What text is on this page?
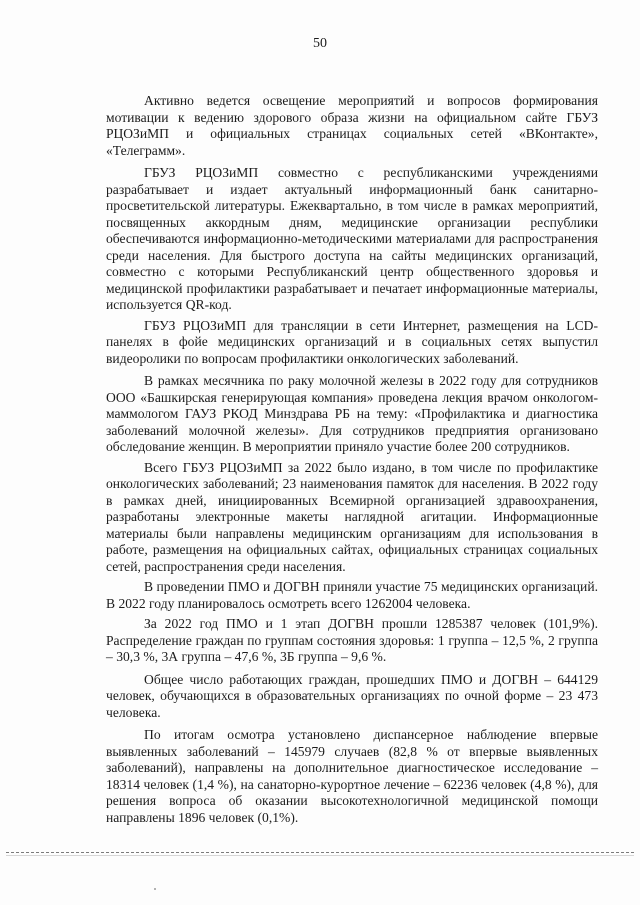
50

Активно ведется освещение мероприятий и вопросов формирования мотивации к ведению здорового образа жизни на официальном сайте ГБУЗ РЦОЗиМП и официальных страницах социальных сетей «ВКонтакте», «Телеграмм».

ГБУЗ РЦОЗиМП совместно с республиканскими учреждениями разрабатывает и издает актуальный информационный банк санитарно-просветительской литературы. Ежеквартально, в том числе в рамках мероприятий, посвященных аккордным дням, медицинские организации республики обеспечиваются информационно-методическими материалами для распространения среди населения. Для быстрого доступа на сайты медицинских организаций, совместно с которыми Республиканский центр общественного здоровья и медицинской профилактики разрабатывает и печатает информационные материалы, используется QR-код.

ГБУЗ РЦОЗиМП для трансляции в сети Интернет, размещения на LCD-панелях в фойе медицинских организаций и в социальных сетях выпустил видеоролики по вопросам профилактики онкологических заболеваний.

В рамках месячника по раку молочной железы в 2022 году для сотрудников ООО «Башкирская генерирующая компания» проведена лекция врачом онкологом-маммологом ГАУЗ РКОД Минздрава РБ на тему: «Профилактика и диагностика заболеваний молочной железы». Для сотрудников предприятия организовано обследование женщин. В мероприятии приняло участие более 200 сотрудников.

Всего ГБУЗ РЦОЗиМП за 2022 было издано, в том числе по профилактике онкологических заболеваний; 23 наименования памяток для населения. В 2022 году в рамках дней, инициированных Всемирной организацией здравоохранения, разработаны электронные макеты наглядной агитации. Информационные материалы были направлены медицинским организациям для использования в работе, размещения на официальных сайтах, официальных страницах социальных сетей, распространения среди населения.

В проведении ПМО и ДОГВН приняли участие 75 медицинских организаций. В 2022 году планировалось осмотреть всего 1262004 человека.

За 2022 год ПМО и 1 этап ДОГВН прошли 1285387 человек (101,9%). Распределение граждан по группам состояния здоровья: 1 группа – 12,5 %, 2 группа – 30,3 %, 3А группа – 47,6 %, 3Б группа – 9,6 %.

Общее число работающих граждан, прошедших ПМО и ДОГВН – 644129 человек, обучающихся в образовательных организациях по очной форме – 23 473 человека.

По итогам осмотра установлено диспансерное наблюдение впервые выявленных заболеваний – 145979 случаев (82,8 % от впервые выявленных заболеваний), направлены на дополнительное диагностическое исследование – 18314 человек (1,4 %), на санаторно-курортное лечение – 62236 человек (4,8 %), для решения вопроса об оказании высокотехнологичной медицинской помощи направлены 1896 человек (0,1%).
